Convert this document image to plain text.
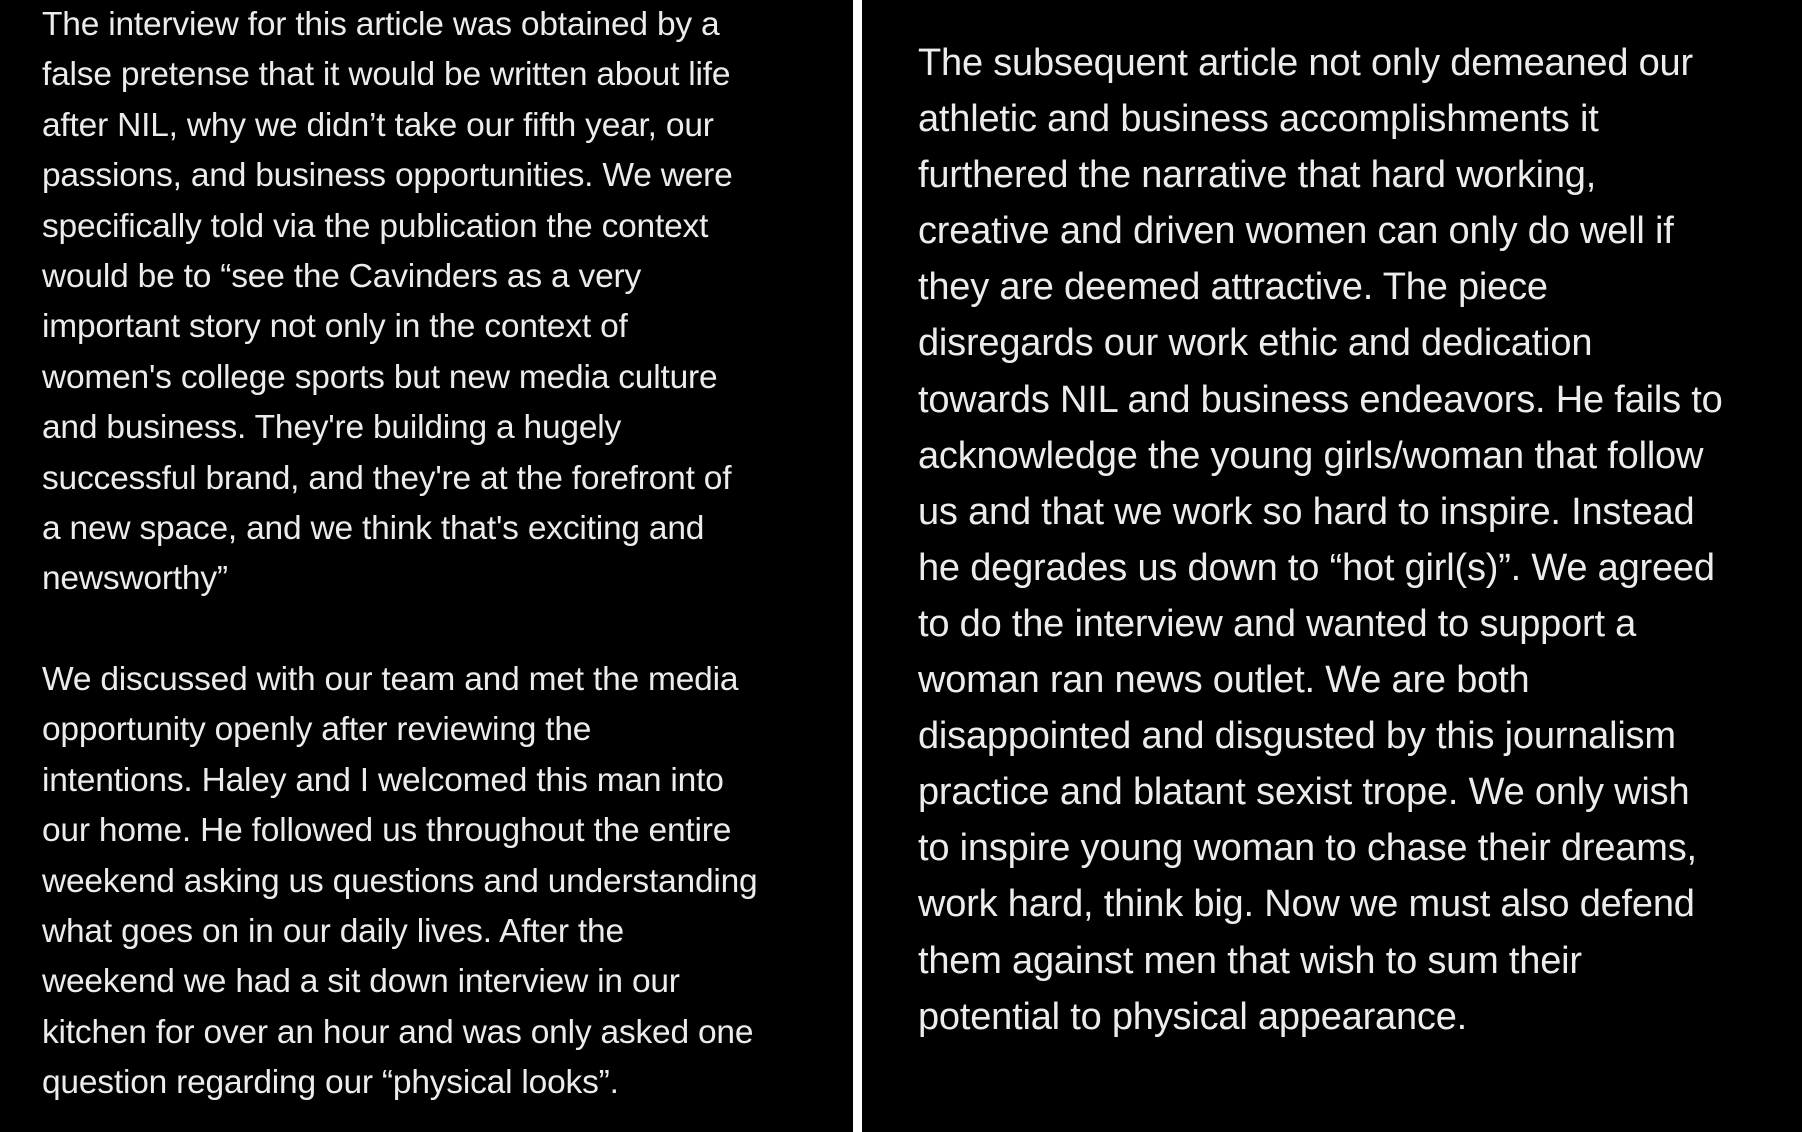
The interview for this article was obtained by a
false pretense that it would be written about life
after NIL, why we didn’t take our fifth year, our
passions, and business opportunities. We were
specifically told via the publication the context
would be to “see the Cavinders as a very
important story not only in the context of
women's college sports but new media culture
and business. They're building a hugely
successful brand, and they're at the forefront of
a new space, and we think that's exciting and
newsworthy”

We discussed with our team and met the media
opportunity openly after reviewing the
intentions. Haley and I welcomed this man into
our home. He followed us throughout the entire
weekend asking us questions and understanding
what goes on in our daily lives. After the
weekend we had a sit down interview in our
kitchen for over an hour and was only asked one
question regarding our “physical looks”.

The subsequent article not only demeaned our
athletic and business accomplishments it
furthered the narrative that hard working,
creative and driven women can only do well if
they are deemed attractive. The piece
disregards our work ethic and dedication
towards NIL and business endeavors. He fails to
acknowledge the young girls/woman that follow
us and that we work so hard to inspire. Instead
he degrades us down to “hot girl(s)”. We agreed
to do the interview and wanted to support a
woman ran news outlet. We are both
disappointed and disgusted by this journalism
practice and blatant sexist trope. We only wish
to inspire young woman to chase their dreams,
work hard, think big. Now we must also defend
them against men that wish to sum their
potential to physical appearance.
